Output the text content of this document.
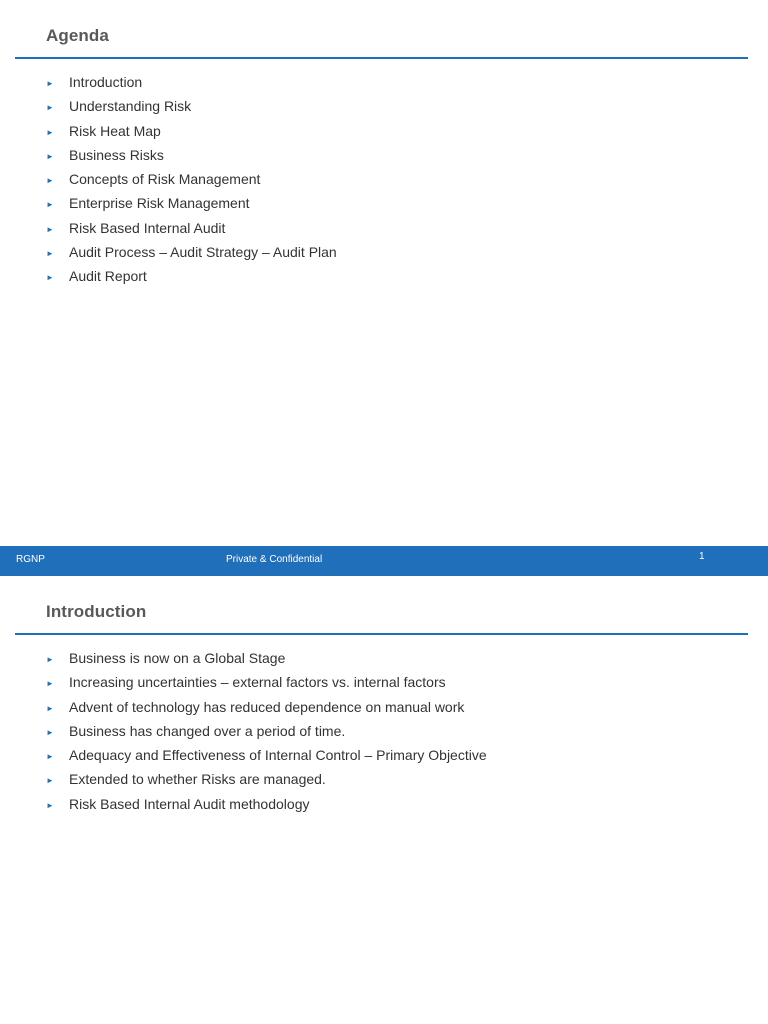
Agenda
► Introduction
► Understanding Risk
► Risk Heat Map
► Business Risks
► Concepts of Risk Management
► Enterprise Risk Management
► Risk Based Internal Audit
► Audit Process – Audit Strategy – Audit Plan
► Audit Report
RGNP	Private & Confidential	1
Introduction
► Business is now on a Global Stage
► Increasing uncertainties – external factors vs. internal factors
► Advent of technology has reduced dependence on manual work
► Business has changed over a period of time.
► Adequacy and Effectiveness of Internal Control – Primary Objective
► Extended to whether Risks are managed.
► Risk Based Internal Audit methodology
